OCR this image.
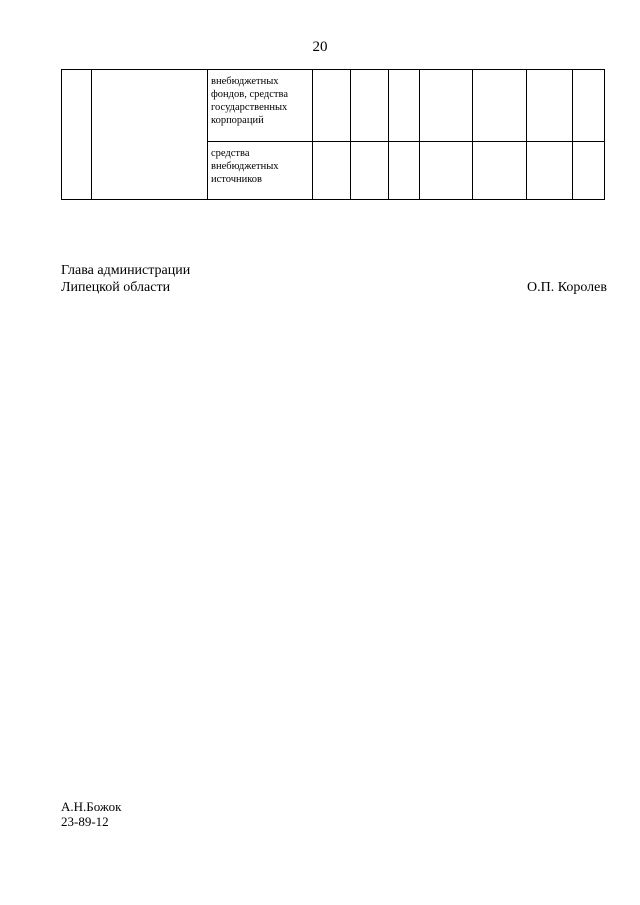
20

		внебюджетных
фондов, средства
государственных
корпораций							

		средства
внебюджетных
источников							

Глава администрации
Липецкой области	О.П. Королев
А.Н.Божок
23-89-12
